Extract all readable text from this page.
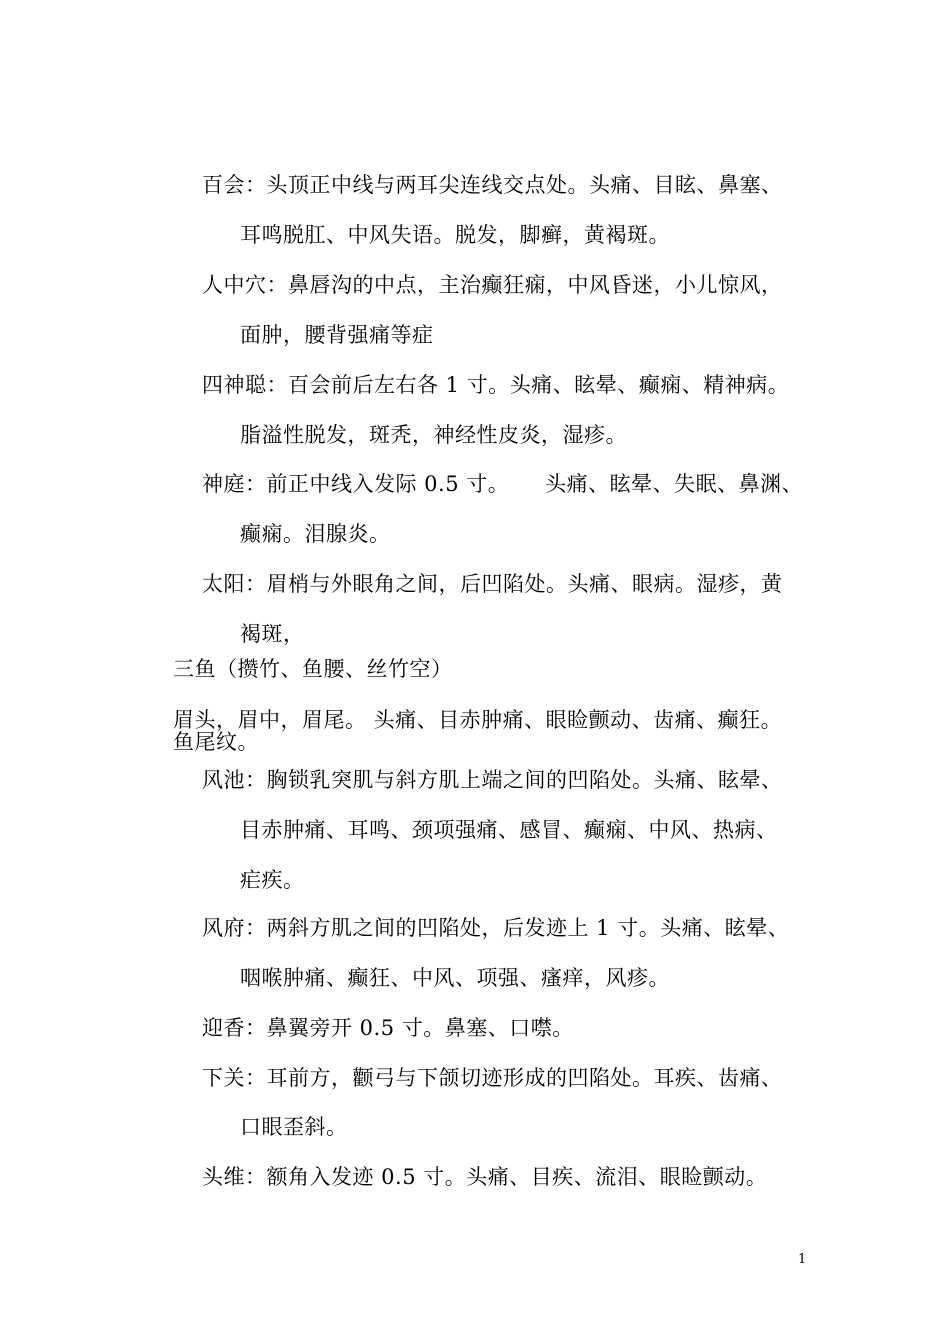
百会：头顶正中线与两耳尖连线交点处。头痛、目眩、鼻塞、
耳鸣脱肛、中风失语。脱发，脚癣，黄褐斑。
人中穴：鼻唇沟的中点，主治癫狂痫，中风昏迷，小儿惊风，
面肿，腰背强痛等症
四神聪：百会前后左右各 1 寸。头痛、眩晕、癫痫、精神病。
脂溢性脱发，斑秃，神经性皮炎，湿疹。
神庭：前正中线入发际 0.5 寸。     头痛、眩晕、失眠、鼻渊、
癫痫。泪腺炎。
太阳：眉梢与外眼角之间，后凹陷处。头痛、眼病。湿疹，黄
褐斑，
三鱼（攒竹、鱼腰、丝竹空）
眉头，眉中，眉尾。 头痛、目赤肿痛、眼睑颤动、齿痛、癫狂。
鱼尾纹。
风池：胸锁乳突肌与斜方肌上端之间的凹陷处。头痛、眩晕、
目赤肿痛、耳鸣、颈项强痛、感冒、癫痫、中风、热病、
疟疾。
风府：两斜方肌之间的凹陷处，后发迹上 1 寸。头痛、眩晕、
咽喉肿痛、癫狂、中风、项强、瘙痒，风疹。
迎香：鼻翼旁开 0.5 寸。鼻塞、口噤。
下关：耳前方，颧弓与下颌切迹形成的凹陷处。耳疾、齿痛、
口眼歪斜。
头维：额角入发迹 0.5 寸。头痛、目疾、流泪、眼睑颤动。
1
